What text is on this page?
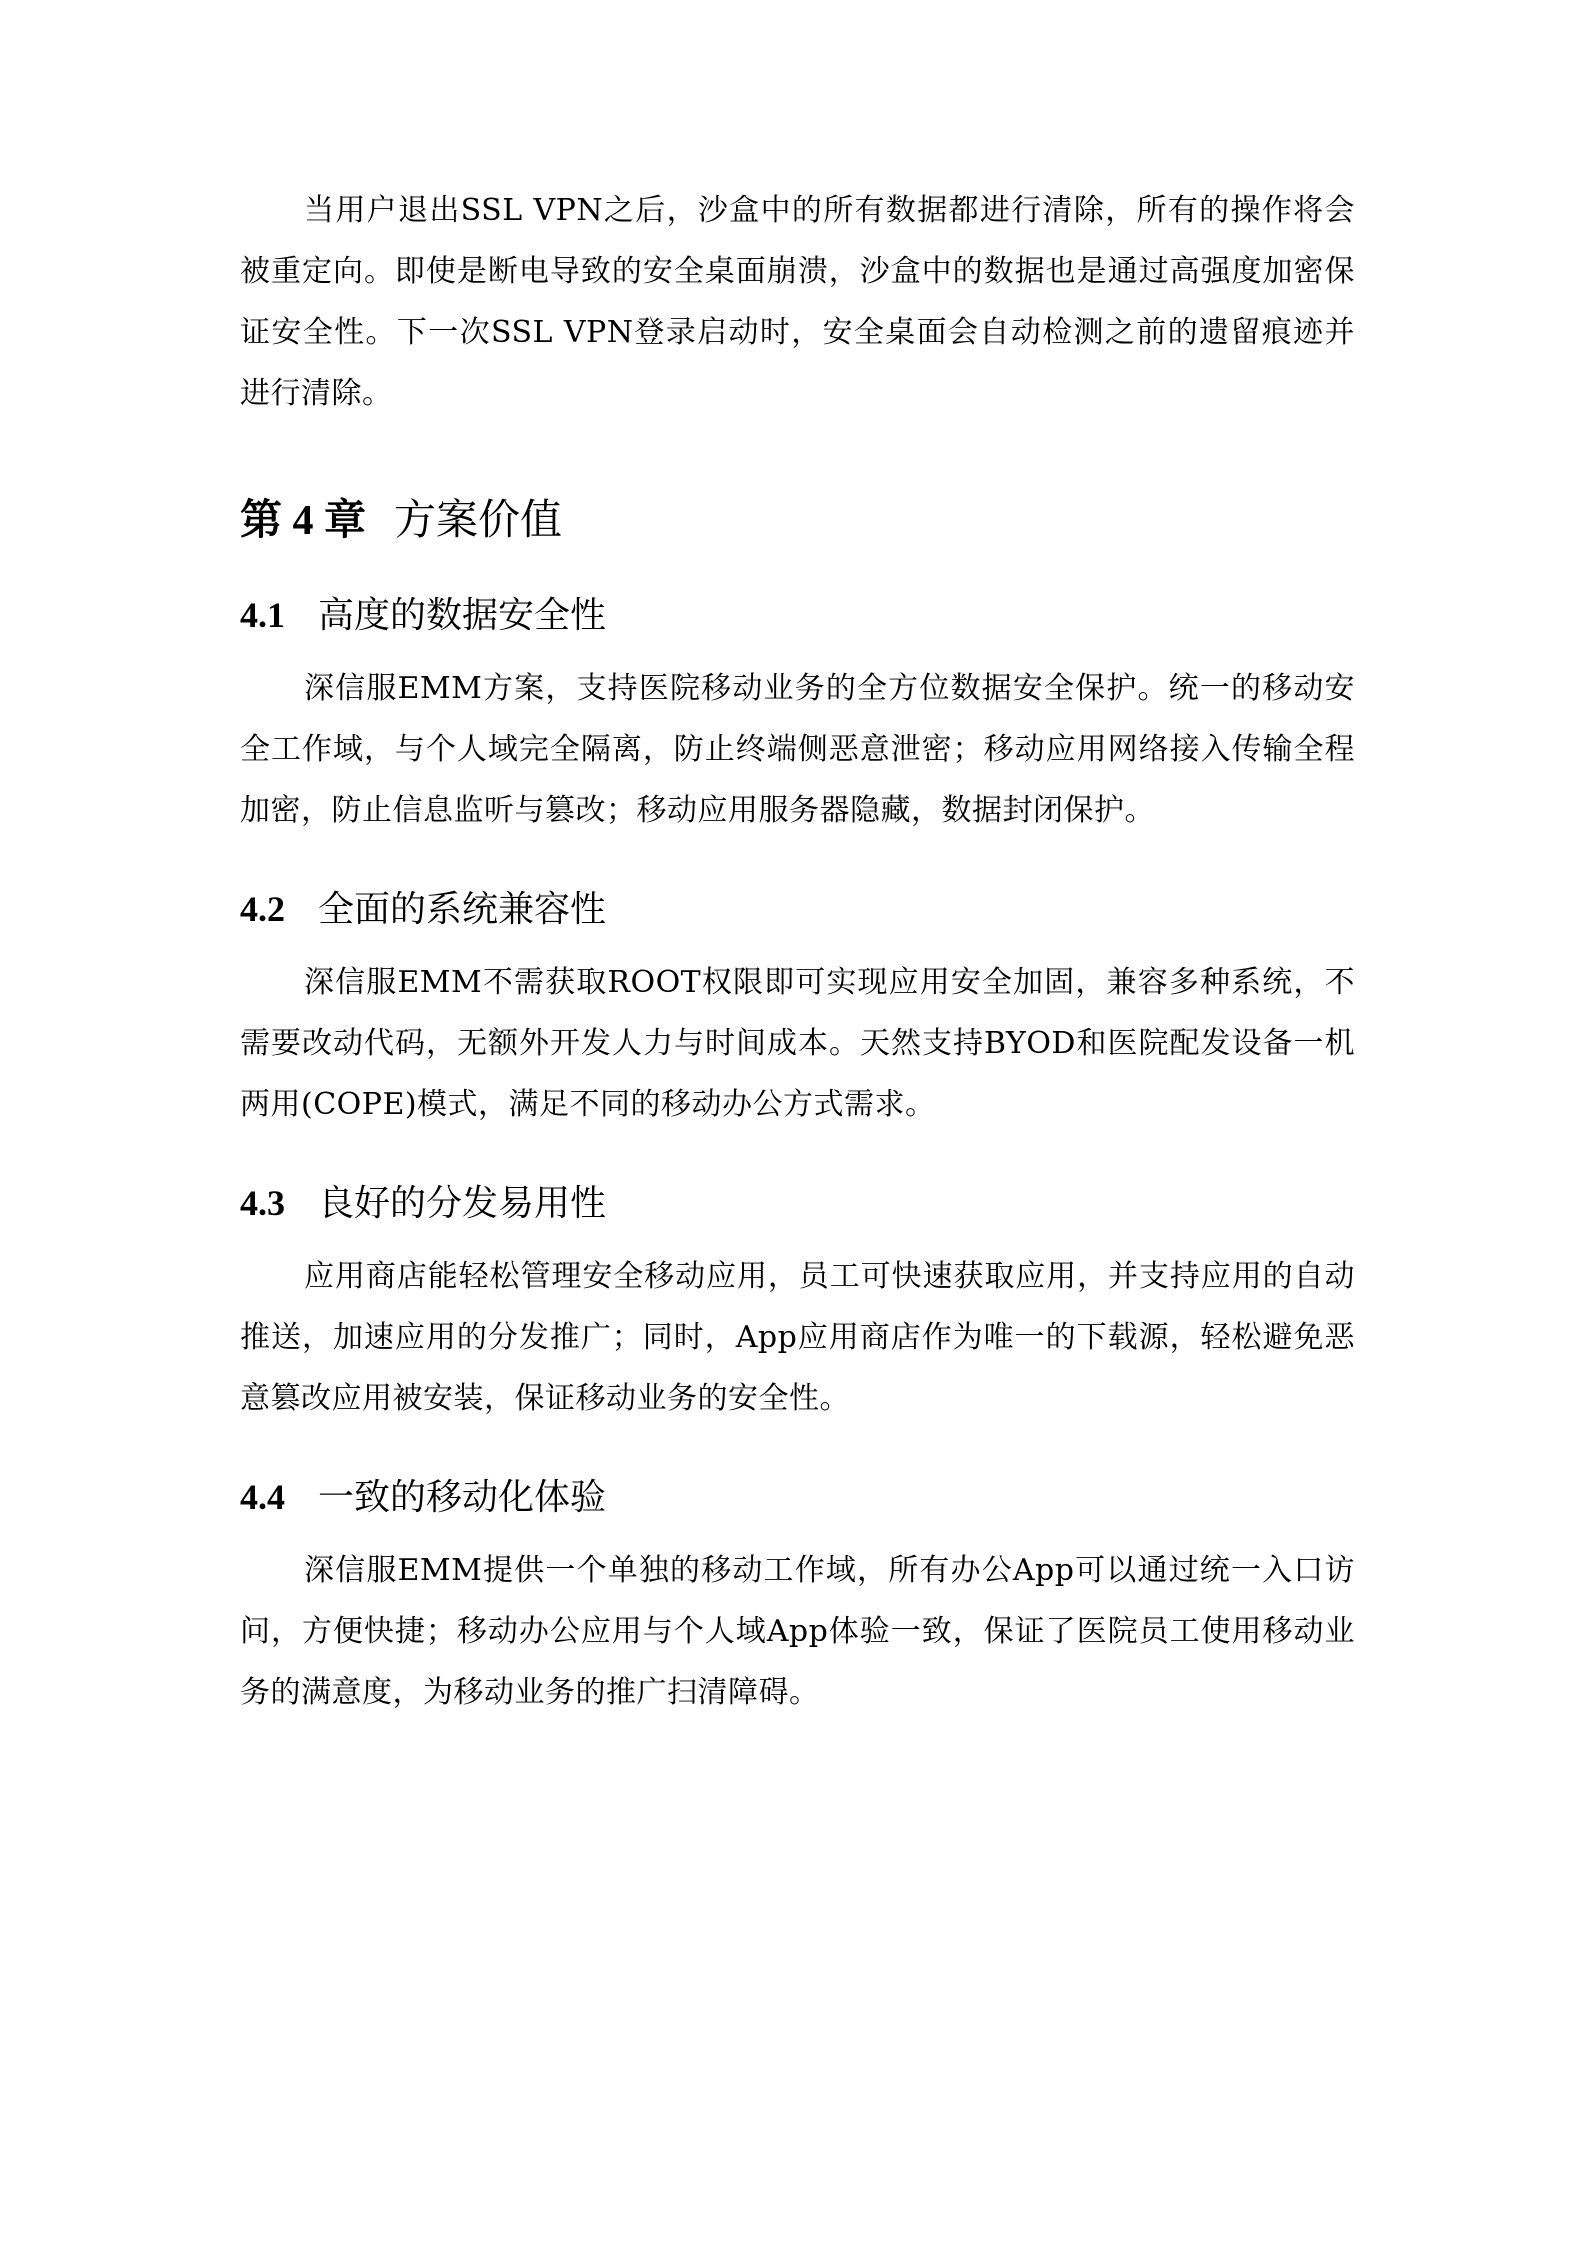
当用户退出SSL VPN之后，沙盒中的所有数据都进行清除，所有的操作将会被重定向。即使是断电导致的安全桌面崩溃，沙盒中的数据也是通过高强度加密保证安全性。下一次SSL VPN登录启动时，安全桌面会自动检测之前的遗留痕迹并进行清除。

第 4 章 方案价值
4.1 高度的数据安全性

深信服EMM方案，支持医院移动业务的全方位数据安全保护。统一的移动安全工作域，与个人域完全隔离，防止终端侧恶意泄密；移动应用网络接入传输全程加密，防止信息监听与篡改；移动应用服务器隐藏，数据封闭保护。

4.2 全面的系统兼容性

深信服EMM不需获取ROOT权限即可实现应用安全加固，兼容多种系统，不需要改动代码，无额外开发人力与时间成本。天然支持BYOD和医院配发设备一机两用(COPE)模式，满足不同的移动办公方式需求。

4.3 良好的分发易用性

应用商店能轻松管理安全移动应用，员工可快速获取应用，并支持应用的自动推送，加速应用的分发推广；同时，App应用商店作为唯一的下载源，轻松避免恶意篡改应用被安装，保证移动业务的安全性。

4.4 一致的移动化体验

深信服EMM提供一个单独的移动工作域，所有办公App可以通过统一入口访问，方便快捷；移动办公应用与个人域App体验一致，保证了医院员工使用移动业务的满意度，为移动业务的推广扫清障碍。
